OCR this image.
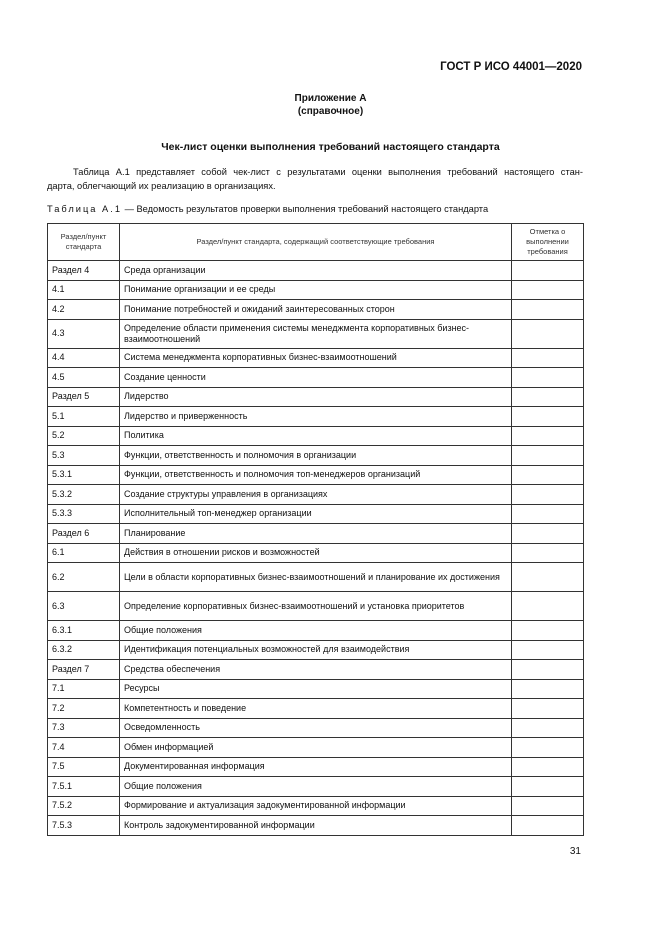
ГОСТ Р ИСО 44001—2020
Приложение А
(справочное)
Чек-лист оценки выполнения требований настоящего стандарта
Таблица А.1 представляет собой чек-лист с результатами оценки выполнения требований настоящего стан-
дарта, облегчающий их реализацию в организациях.
Таблица А.1 — Ведомость результатов проверки выполнения требований настоящего стандарта
Раздел/пункт стандарта	Раздел/пункт стандарта, содержащий соответствующие требования	Отметка о выполнении требования
Раздел 4	Среда организации	
4.1	Понимание организации и ее среды	
4.2	Понимание потребностей и ожиданий заинтересованных сторон	
4.3	Определение области применения системы менеджмента корпоративных бизнес-взаимоотношений	
4.4	Система менеджмента корпоративных бизнес-взаимоотношений	
4.5	Создание ценности	
Раздел 5	Лидерство	
5.1	Лидерство и приверженность	
5.2	Политика	
5.3	Функции, ответственность и полномочия в организации	
5.3.1	Функции, ответственность и полномочия топ-менеджеров организаций	
5.3.2	Создание структуры управления в организациях	
5.3.3	Исполнительный топ-менеджер организации	
Раздел 6	Планирование	
6.1	Действия в отношении рисков и возможностей	
6.2	Цели в области корпоративных бизнес-взаимоотношений и планирование их достижения	
6.3	Определение корпоративных бизнес-взаимоотношений и установка приоритетов	
6.3.1	Общие положения	
6.3.2	Идентификация потенциальных возможностей для взаимодействия	
Раздел 7	Средства обеспечения	
7.1	Ресурсы	
7.2	Компетентность и поведение	
7.3	Осведомленность	
7.4	Обмен информацией	
7.5	Документированная информация	
7.5.1	Общие положения	
7.5.2	Формирование и актуализация задокументированной информации	
7.5.3	Контроль задокументированной информации	
31
